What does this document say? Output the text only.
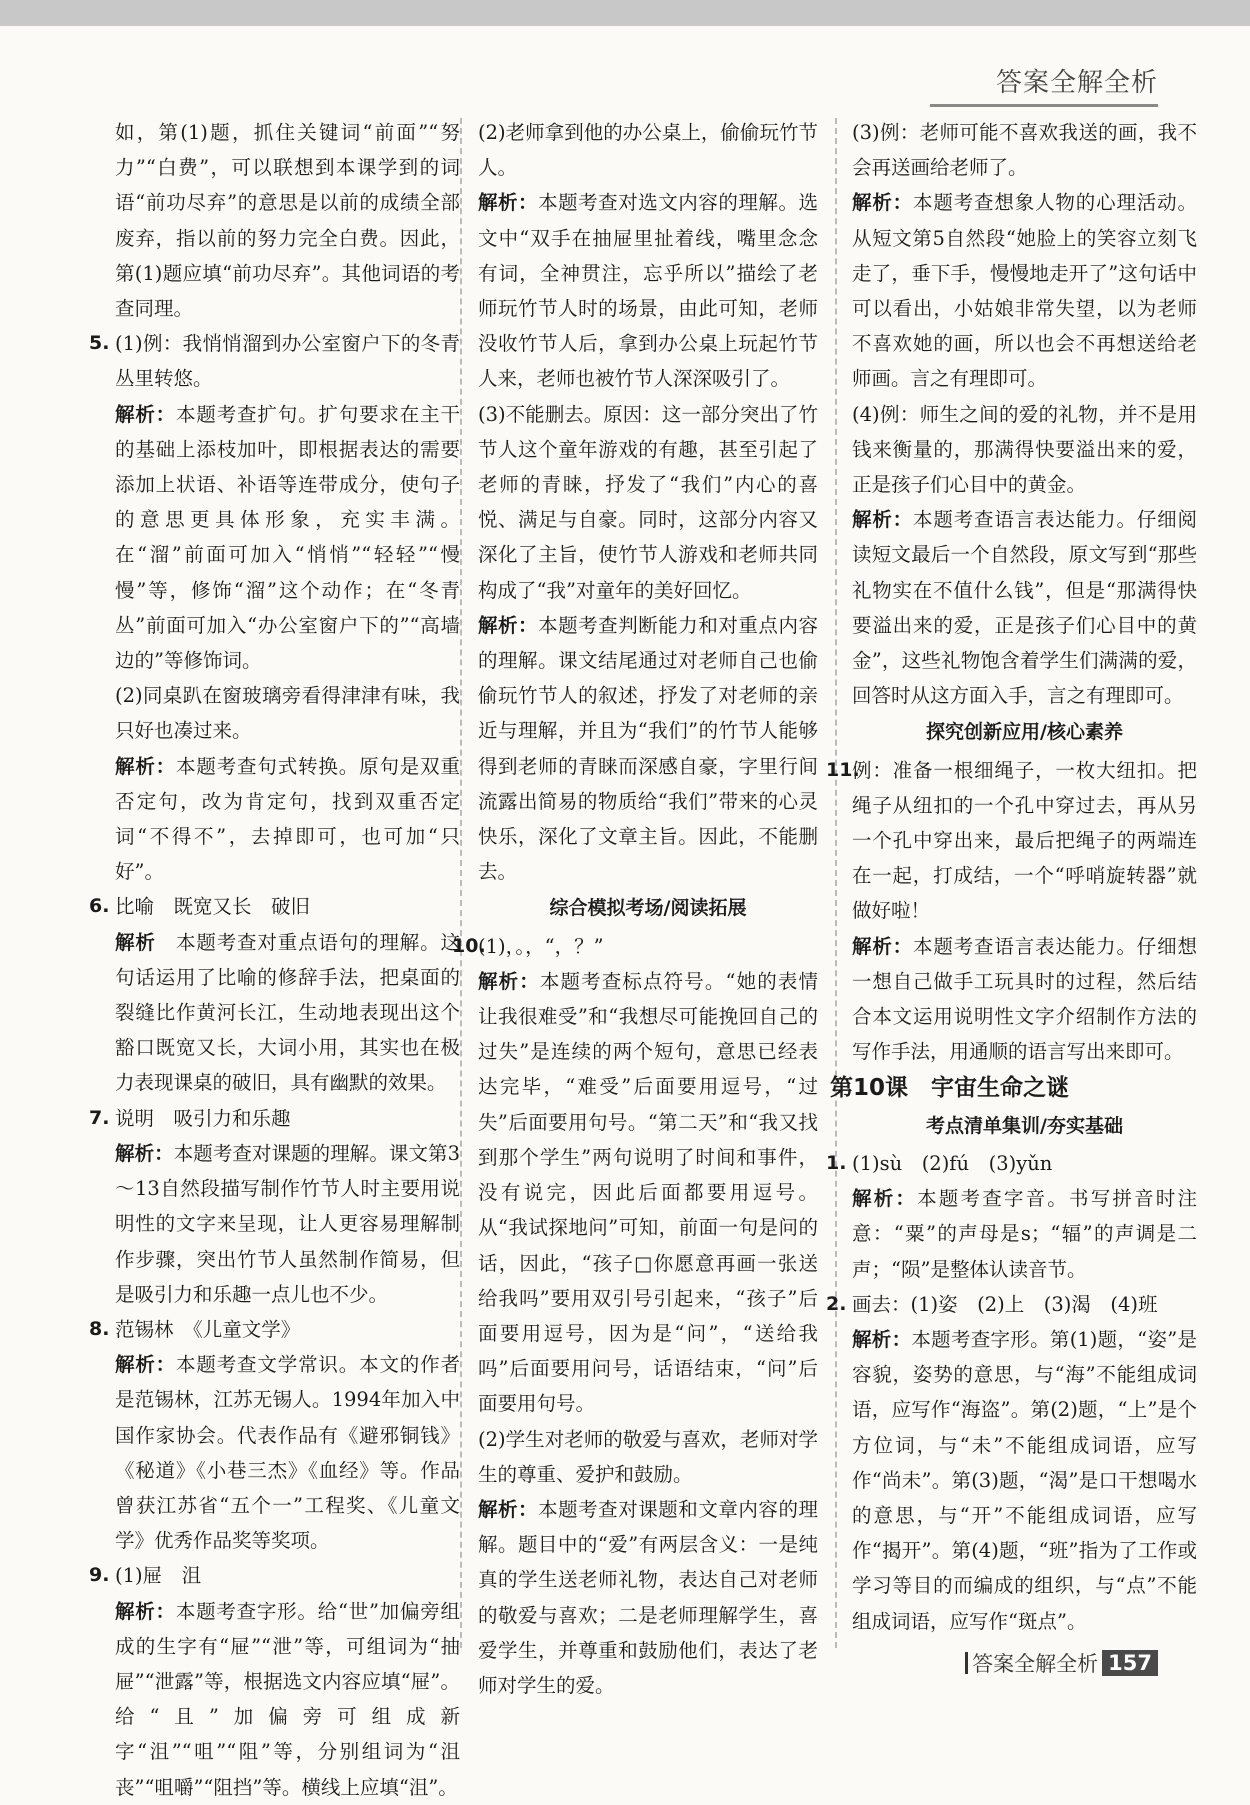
答案全解全析
如，第(1)题，抓住关键词“前面”“努力”“白费”，可以联想到本课学到的词语“前功尽弃”的意思是以前的成绩全部废弃，指以前的努力完全白费。因此，第(1)题应填“前功尽弃”。其他词语的考查同理。
5. (1)例：我悄悄溜到办公室窗户下的冬青丛里转悠。
解析：本题考查扩句。扩句要求在主干的基础上添枝加叶，即根据表达的需要添加上状语、补语等连带成分，使句子的意思更具体形象，充实丰满。在“溜”前面可加入“悄悄”“轻轻”“慢慢”等，修饰“溜”这个动作；在“冬青丛”前面可加入“办公室窗户下的”“高墙边的”等修饰词。
(2)同桌趴在窗玻璃旁看得津津有味，我只好也凑过来。
解析：本题考查句式转换。原句是双重否定句，改为肯定句，找到双重否定词“不得不”，去掉即可，也可加“只好”。
6. 比喻　既宽又长　破旧
解析　本题考查对重点语句的理解。这句话运用了比喻的修辞手法，把桌面的裂缝比作黄河长江，生动地表现出这个豁口既宽又长，大词小用，其实也在极力表现课桌的破旧，具有幽默的效果。
7. 说明　吸引力和乐趣
解析：本题考查对课题的理解。课文第3～13自然段描写制作竹节人时主要用说明性的文字来呈现，让人更容易理解制作步骤，突出竹节人虽然制作简易，但是吸引力和乐趣一点儿也不少。
8. 范锡林　《儿童文学》
解析：本题考查文学常识。本文的作者是范锡林，江苏无锡人。1994年加入中国作家协会。代表作品有《避邪铜钱》《秘道》《小巷三杰》《血经》等。作品曾获江苏省“五个一”工程奖、《儿童文学》优秀作品奖等奖项。
9. (1)屉　沮
解析：本题考查字形。给“世”加偏旁组成的生字有“屉”“泄”等，可组词为“抽屉”“泄露”等，根据选文内容应填“屉”。给“且”加偏旁可组成新字“沮”“咀”“阻”等，分别组词为“沮丧”“咀嚼”“阻挡”等。横线上应填“沮”。
(2)老师拿到他的办公桌上，偷偷玩竹节人。
解析：本题考查对选文内容的理解。选文中“双手在抽屉里扯着线，嘴里念念有词，全神贯注，忘乎所以”描绘了老师玩竹节人时的场景，由此可知，老师没收竹节人后，拿到办公桌上玩起竹节人来，老师也被竹节人深深吸引了。
(3)不能删去。原因：这一部分突出了竹节人这个童年游戏的有趣，甚至引起了老师的青睐，抒发了“我们”内心的喜悦、满足与自豪。同时，这部分内容又深化了主旨，使竹节人游戏和老师共同构成了“我”对童年的美好回忆。
解析：本题考查判断能力和对重点内容的理解。课文结尾通过对老师自己也偷偷玩竹节人的叙述，抒发了对老师的亲近与理解，并且为“我们”的竹节人能够得到老师的青睐而深感自豪，字里行间流露出简易的物质给“我们”带来的心灵快乐，深化了文章主旨。因此，不能删去。
综合模拟考场/阅读拓展
10.
(1)，。，“，？”
解析：本题考查标点符号。“她的表情让我很难受”和“我想尽可能挽回自己的过失”是连续的两个短句，意思已经表达完毕，“难受”后面要用逗号，“过失”后面要用句号。“第二天”和“我又找到那个学生”两句说明了时间和事件，没有说完，因此后面都要用逗号。从“我试探地问”可知，前面一句是问的话，因此，“孩子□你愿意再画一张送给我吗”要用双引号引起来，“孩子”后面要用逗号，因为是“问”，“送给我吗”后面要用问号，话语结束，“问”后面要用句号。
(2)学生对老师的敬爱与喜欢，老师对学生的尊重、爱护和鼓励。
解析：本题考查对课题和文章内容的理解。题目中的“爱”有两层含义：一是纯真的学生送老师礼物，表达自己对老师的敬爱与喜欢；二是老师理解学生，喜爱学生，并尊重和鼓励他们，表达了老师对学生的爱。
(3)例：老师可能不喜欢我送的画，我不会再送画给老师了。
解析：本题考查想象人物的心理活动。从短文第5自然段“她脸上的笑容立刻飞走了，垂下手，慢慢地走开了”这句话中可以看出，小姑娘非常失望，以为老师不喜欢她的画，所以也会不再想送给老师画。言之有理即可。
(4)例：师生之间的爱的礼物，并不是用钱来衡量的，那满得快要溢出来的爱，正是孩子们心目中的黄金。
解析：本题考查语言表达能力。仔细阅读短文最后一个自然段，原文写到“那些礼物实在不值什么钱”，但是“那满得快要溢出来的爱，正是孩子们心目中的黄金”，这些礼物饱含着学生们满满的爱，回答时从这方面入手，言之有理即可。
探究创新应用/核心素养
11.
例：准备一根细绳子，一枚大纽扣。把绳子从纽扣的一个孔中穿过去，再从另一个孔中穿出来，最后把绳子的两端连在一起，打成结，一个“呼哨旋转器”就做好啦！
解析：本题考查语言表达能力。仔细想一想自己做手工玩具时的过程，然后结合本文运用说明性文字介绍制作方法的写作手法，用通顺的语言写出来即可。
第10课　宇宙生命之谜
考点清单集训/夯实基础
1. (1)sù　(2)fú　(3)yǔn
解析：本题考查字音。书写拼音时注意：“粟”的声母是s；“辐”的声调是二声；“陨”是整体认读音节。
2. 画去：(1)姿　(2)上　(3)渴　(4)班
解析：本题考查字形。第(1)题，“姿”是容貌，姿势的意思，与“海”不能组成词语，应写作“海盗”。第(2)题，“上”是个方位词，与“未”不能组成词语，应写作“尚未”。第(3)题，“渴”是口干想喝水的意思，与“开”不能组成词语，应写作“揭开”。第(4)题，“班”指为了工作或学习等目的而编成的组织，与“点”不能组成词语，应写作“斑点”。
答案全解全析 157
